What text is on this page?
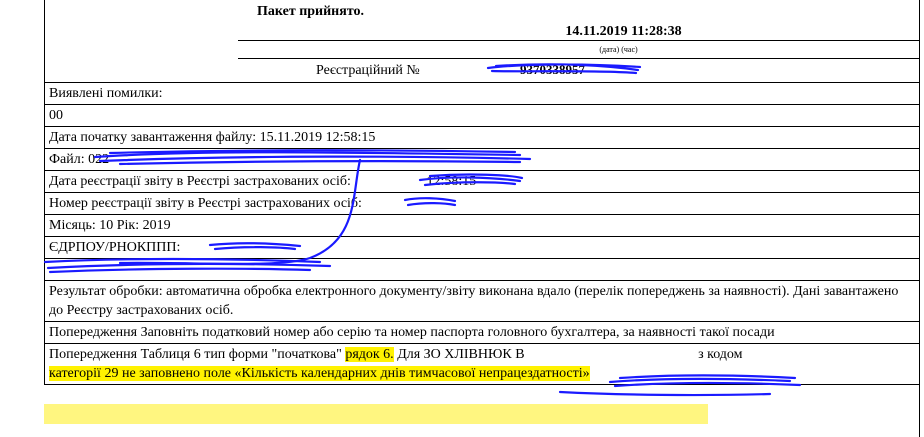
Пакет прийнято.
14.11.2019 11:28:38
(дата) (час)
Реєстраційний №	9370338957
Виявлені помилки:
00
Дата початку завантаження файлу: 15.11.2019 12:58:15
Файл: 022
Дата реєстрації звіту в Реєстрі застрахованих осіб:	12:58:15
Номер реєстрації звіту в Реєстрі застрахованих осіб:
Місяць: 10 Рік: 2019
ЄДРПОУ/РНОКППП:

Результат обробки: автоматична обробка електронного документу/звіту виконана вдало (перелік попереджень за наявності). Дані завантажено до Реєстру застрахованих осіб.
Попередження Заповніть податковий номер або серію та номер паспорта головного бухгалтера, за наявності такої посади
Попередження Таблиця 6 тип форми "початкова" рядок 6. Для ЗО ХЛІВНЮК В	з кодом
категорії 29 не заповнено поле «Кількість календарних днів тимчасової непрацездатності»
